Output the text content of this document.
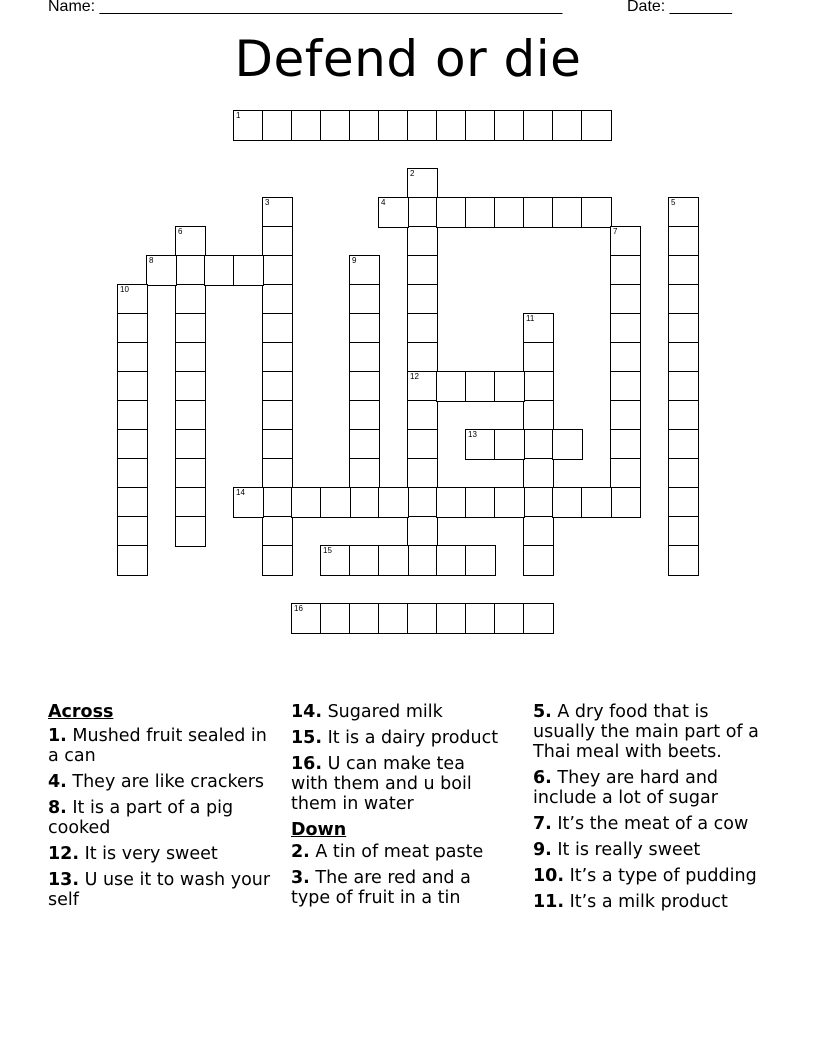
Name: ____________________________________________________	Date: _______
Defend or die
1
2
12
3	4	5
6	7
8	9
10
11
13
14
15
16
Across
1. Mushed fruit sealed in a can
4. They are like crackers
8. It is a part of a pig cooked
12. It is very sweet
13. U use it to wash your self
14. Sugared milk
15. It is a dairy product
16. U can make tea with them and u boil them in water
Down
2. A tin of meat paste
3. The are red and a type of fruit in a tin
5. A dry food that is usually the main part of a Thai meal with beets.
6. They are hard and include a lot of sugar
7. It’s the meat of a cow
9. It is really sweet
10. It’s a type of pudding
11. It’s a milk product
